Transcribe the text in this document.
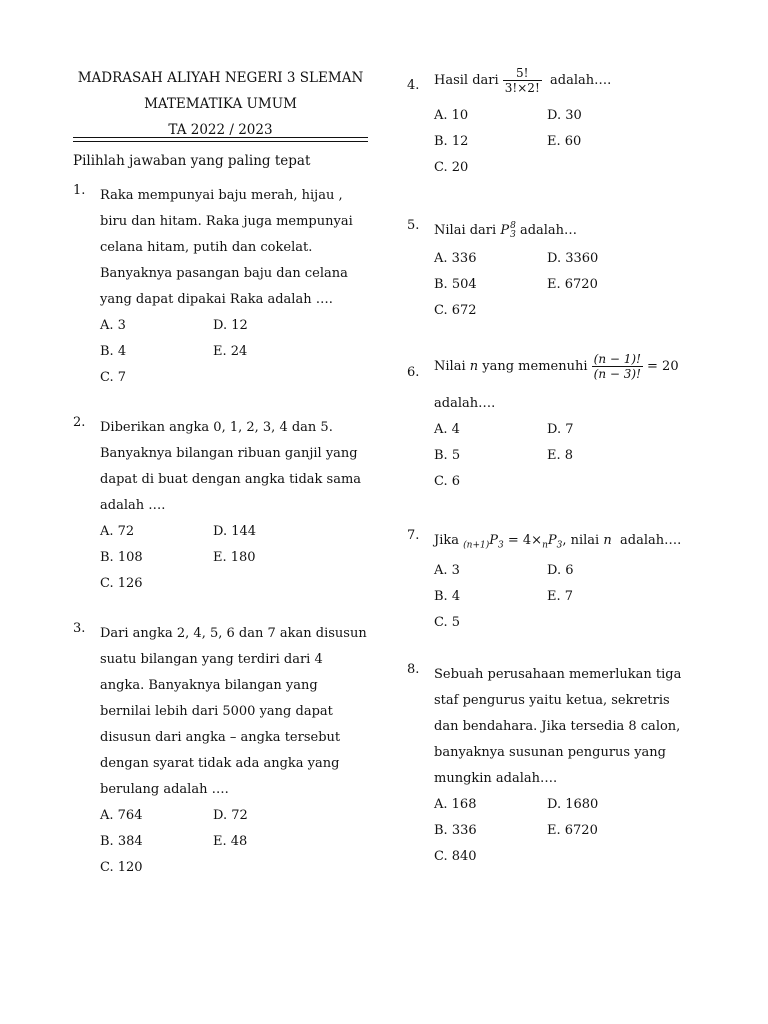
MADRASAH ALIYAH NEGERI 3 SLEMAN
MATEMATIKA UMUM
TA 2022 / 2023
Pilihlah jawaban yang paling tepat
1. Raka mempunyai baju merah, hijau ,
biru dan hitam. Raka juga mempunyai
celana hitam, putih dan cokelat.
Banyaknya pasangan baju dan celana
yang dapat dipakai Raka adalah ….
A. 3	D. 12
B. 4	E. 24
C. 7
2. Diberikan angka 0, 1, 2, 3, 4 dan 5.
Banyaknya bilangan ribuan ganjil yang
dapat di buat dengan angka tidak sama
adalah ….
A. 72	D. 144
B. 108	E. 180
C. 126
3. Dari angka 2, 4, 5, 6 dan 7 akan disusun
suatu bilangan yang terdiri dari 4
angka. Banyaknya bilangan yang
bernilai lebih dari 5000 yang dapat
disusun dari angka – angka tersebut
dengan syarat tidak ada angka yang
berulang adalah ….
A. 764	D. 72
B. 384	E. 48
C. 120
4. Hasil dari $\frac{5!}{3!\times 2!}$ adalah….
A. 10	D. 30
B. 12	E. 60
C. 20
5. Nilai dari P 8
3 adalah…
A. 336	D. 3360
B. 504	E. 6720
C. 672
6. Nilai n yang memenuhi $\frac{(n - 1)!}{(n - 3)!} = 20$
adalah….
A. 4	D. 7
B. 5	E. 8
C. 6
7. Jika $_{(n+1)}P_3 = 4\times_nP_3$, nilai n adalah….
A. 3	D. 6
B. 4	E. 7
C. 5
8. Sebuah perusahaan memerlukan tiga
staf pengurus yaitu ketua, sekretris
dan bendahara. Jika tersedia 8 calon,
banyaknya susunan pengurus yang
mungkin adalah….
A. 168	D. 1680
B. 336	E. 6720
C. 840
